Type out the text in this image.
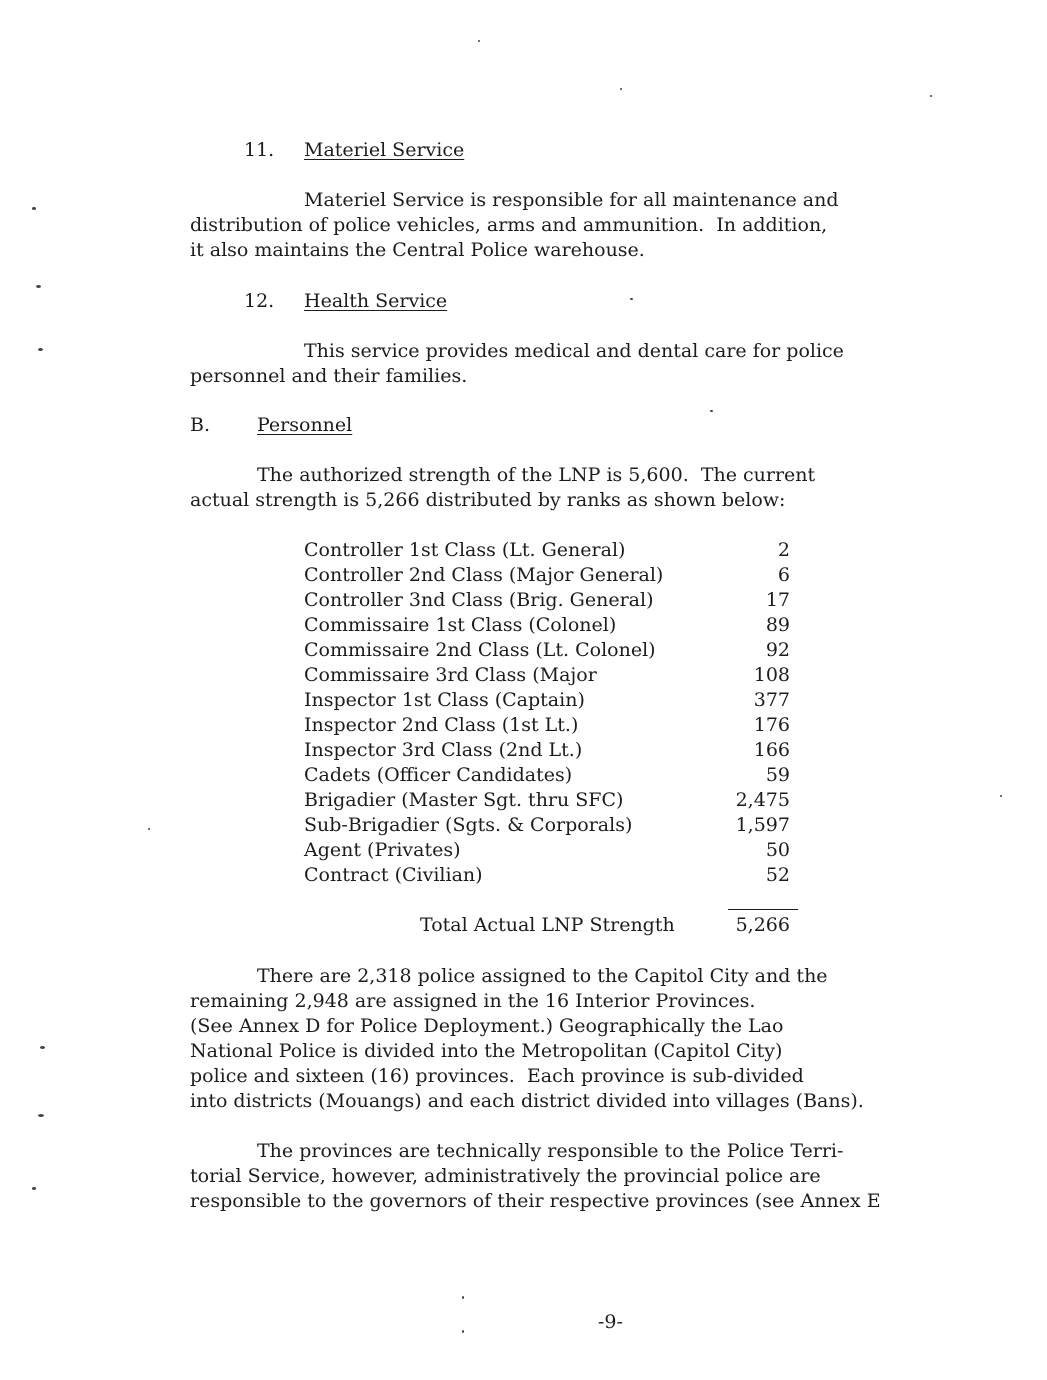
11. Materiel Service
Materiel Service is responsible for all maintenance and
distribution of police vehicles, arms and ammunition.  In addition,
it also maintains the Central Police warehouse.
12. Health Service
This service provides medical and dental care for police
personnel and their families.
B. Personnel
The authorized strength of the LNP is 5,600.  The current
actual strength is 5,266 distributed by ranks as shown below:
Controller 1st Class (Lt. General)	2
Controller 2nd Class (Major General)	6
Controller 3nd Class (Brig. General)	17
Commissaire 1st Class (Colonel)	89
Commissaire 2nd Class (Lt. Colonel)	92
Commissaire 3rd Class (Major	108
Inspector 1st Class (Captain)	377
Inspector 2nd Class (1st Lt.)	176
Inspector 3rd Class (2nd Lt.)	166
Cadets (Officer Candidates)	59
Brigadier (Master Sgt. thru SFC)	2,475
Sub-Brigadier (Sgts. & Corporals)	1,597
Agent (Privates)	50
Contract (Civilian)	52
Total Actual LNP Strength	5,266
There are 2,318 police assigned to the Capitol City and the
remaining 2,948 are assigned in the 16 Interior Provinces.
(See Annex D for Police Deployment.) Geographically the Lao
National Police is divided into the Metropolitan (Capitol City)
police and sixteen (16) provinces.  Each province is sub-divided
into districts (Mouangs) and each district divided into villages (Bans).
The provinces are technically responsible to the Police Terri-
torial Service, however, administratively the provincial police are
responsible to the governors of their respective provinces (see Annex E
-9-
